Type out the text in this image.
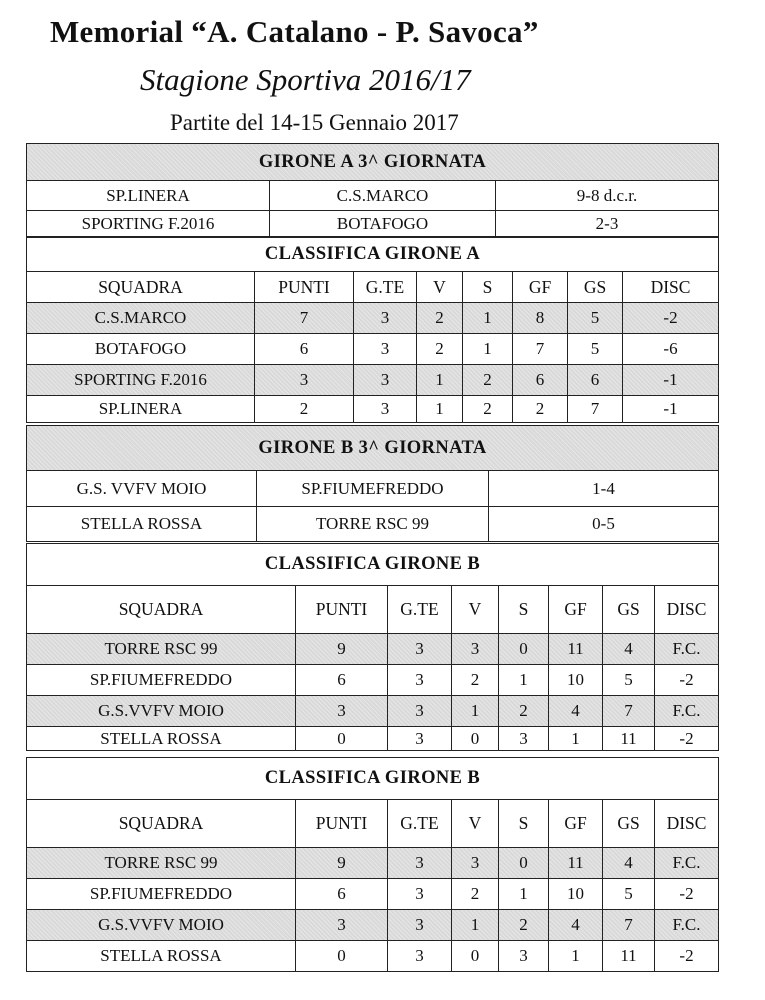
Memorial “A. Catalano - P. Savoca”
Stagione Sportiva 2016/17
Partite del 14-15 Gennaio 2017
GIRONE A 3^ GIORNATA		
SP.LINERA	C.S.MARCO	9-8 d.c.r.
SPORTING F.2016	BOTAFOGO	2-3
CLASSIFICA GIRONE A							
SQUADRA	PUNTI	G.TE	V	S	GF	GS	DISC
C.S.MARCO	7	3	2	1	8	5	-2
BOTAFOGO	6	3	2	1	7	5	-6
SPORTING F.2016	3	3	1	2	6	6	-1
SP.LINERA	2	3	1	2	2	7	-1
GIRONE B 3^ GIORNATA		
G.S. VVFV MOIO	SP.FIUMEFREDDO	1-4
STELLA ROSSA	TORRE RSC 99	0-5
CLASSIFICA GIRONE B							
SQUADRA	PUNTI	G.TE	V	S	GF	GS	DISC
TORRE RSC 99	9	3	3	0	11	4	F.C.
SP.FIUMEFREDDO	6	3	2	1	10	5	-2
G.S.VVFV MOIO	3	3	1	2	4	7	F.C.
STELLA ROSSA	0	3	0	3	1	11	-2
CLASSIFICA GIRONE B							
SQUADRA	PUNTI	G.TE	V	S	GF	GS	DISC
TORRE RSC 99	9	3	3	0	11	4	F.C.
SP.FIUMEFREDDO	6	3	2	1	10	5	-2
G.S.VVFV MOIO	3	3	1	2	4	7	F.C.
STELLA ROSSA	0	3	0	3	1	11	-2
